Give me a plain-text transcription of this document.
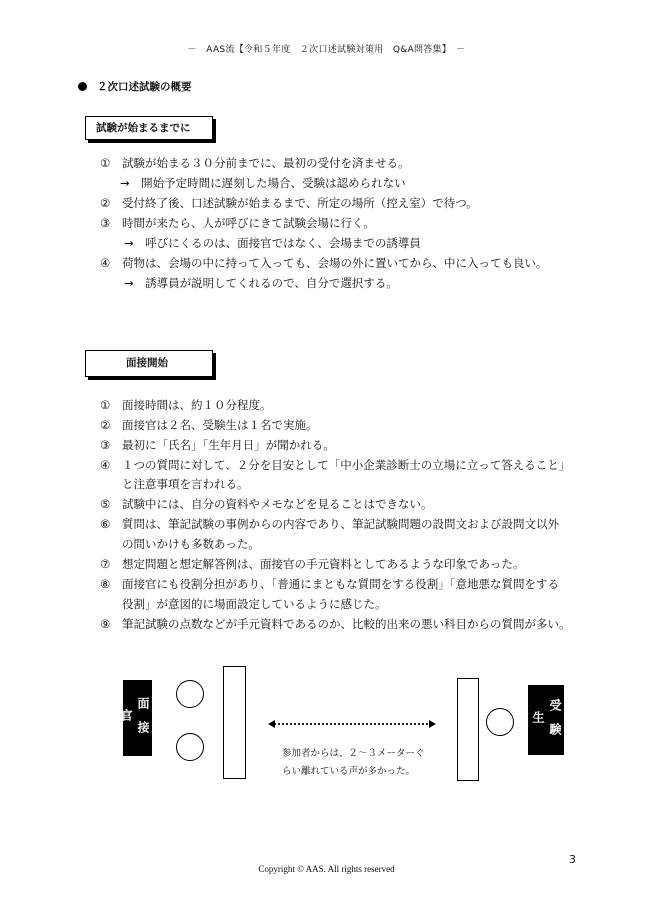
－　AAS流【令和５年度　２次口述試験対策用　Q&A問答集】　－
２次口述試験の概要
試験が始まるまでに
① 試験が始まる３０分前までに、最初の受付を済ませる。
→　開始予定時間に遅刻した場合、受験は認められない
② 受付終了後、口述試験が始まるまで、所定の場所（控え室）で待つ。
③ 時間が来たら、人が呼びにきて試験会場に行く。
→　呼びにくるのは、面接官ではなく、会場までの誘導員
④ 荷物は、会場の中に持って入っても、会場の外に置いてから、中に入っても良い。
→　誘導員が説明してくれるので、自分で選択する。
面接開始
① 面接時間は、約１０分程度。
② 面接官は２名、受験生は１名で実施。
③ 最初に「氏名」「生年月日」が聞かれる。
④ １つの質問に対して、２分を目安として「中小企業診断士の立場に立って答えること」
と注意事項を言われる。
⑤ 試験中には、自分の資料やメモなどを見ることはできない。
⑥ 質問は、筆記試験の事例からの内容であり、筆記試験問題の設問文および設問文以外
の問いかけも多数あった。
⑦ 想定問題と想定解答例は、面接官の手元資料としてあるような印象であった。
⑧ 面接官にも役割分担があり、「普通にまともな質問をする役割」「意地悪な質問をする
役割」が意図的に場面設定しているように感じた。
⑨ 筆記試験の点数などが手元資料であるのか、比較的出来の悪い科目からの質問が多い。
面接官
参加者からは、２～３メーターぐ
らい離れている声が多かった。
受験生
3
Copyright © AAS. All rights reserved
